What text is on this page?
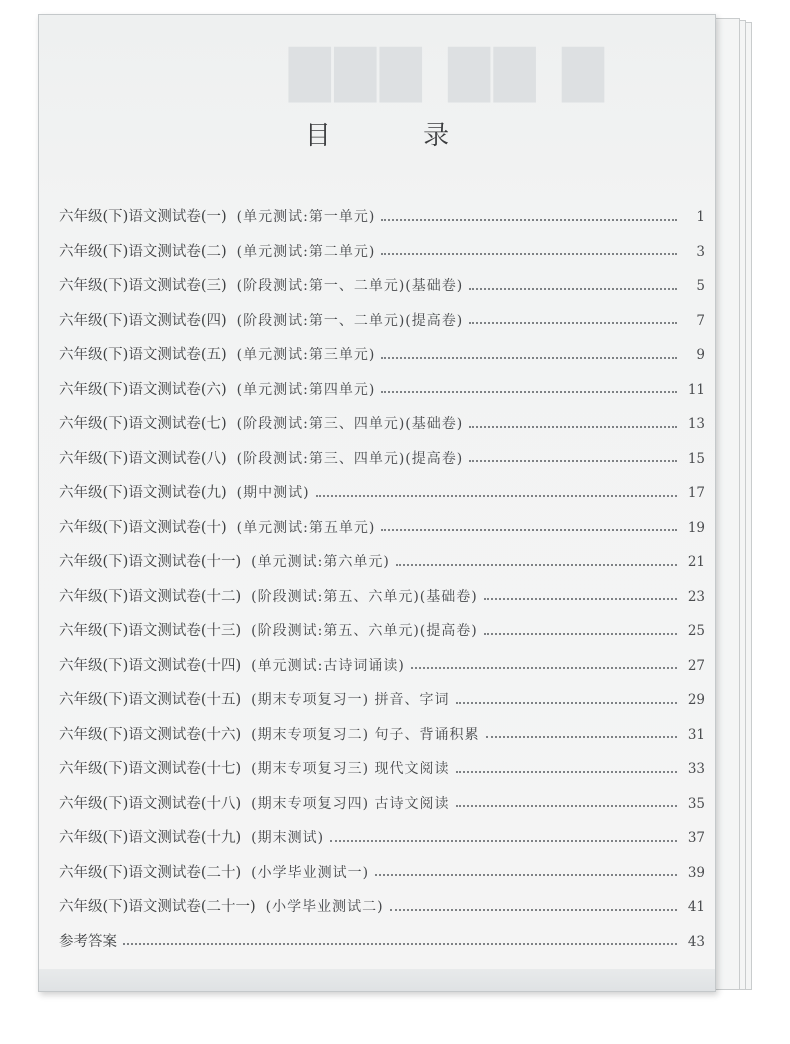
▇▇▇ ▇▇ ▇
目 录
六年级(下)语文测试卷(一) (单元测试:第一单元)	1
六年级(下)语文测试卷(二) (单元测试:第二单元)	3
六年级(下)语文测试卷(三) (阶段测试:第一、二单元)(基础卷)	5
六年级(下)语文测试卷(四) (阶段测试:第一、二单元)(提高卷)	7
六年级(下)语文测试卷(五) (单元测试:第三单元)	9
六年级(下)语文测试卷(六) (单元测试:第四单元)	11
六年级(下)语文测试卷(七) (阶段测试:第三、四单元)(基础卷)	13
六年级(下)语文测试卷(八) (阶段测试:第三、四单元)(提高卷)	15
六年级(下)语文测试卷(九) (期中测试)	17
六年级(下)语文测试卷(十) (单元测试:第五单元)	19
六年级(下)语文测试卷(十一) (单元测试:第六单元)	21
六年级(下)语文测试卷(十二) (阶段测试:第五、六单元)(基础卷)	23
六年级(下)语文测试卷(十三) (阶段测试:第五、六单元)(提高卷)	25
六年级(下)语文测试卷(十四) (单元测试:古诗词诵读)	27
六年级(下)语文测试卷(十五) (期末专项复习一) 拼音、字词	29
六年级(下)语文测试卷(十六) (期末专项复习二) 句子、背诵积累	31
六年级(下)语文测试卷(十七) (期末专项复习三) 现代文阅读	33
六年级(下)语文测试卷(十八) (期末专项复习四) 古诗文阅读	35
六年级(下)语文测试卷(十九) (期末测试)	37
六年级(下)语文测试卷(二十) (小学毕业测试一)	39
六年级(下)语文测试卷(二十一) (小学毕业测试二)	41
参考答案	43
